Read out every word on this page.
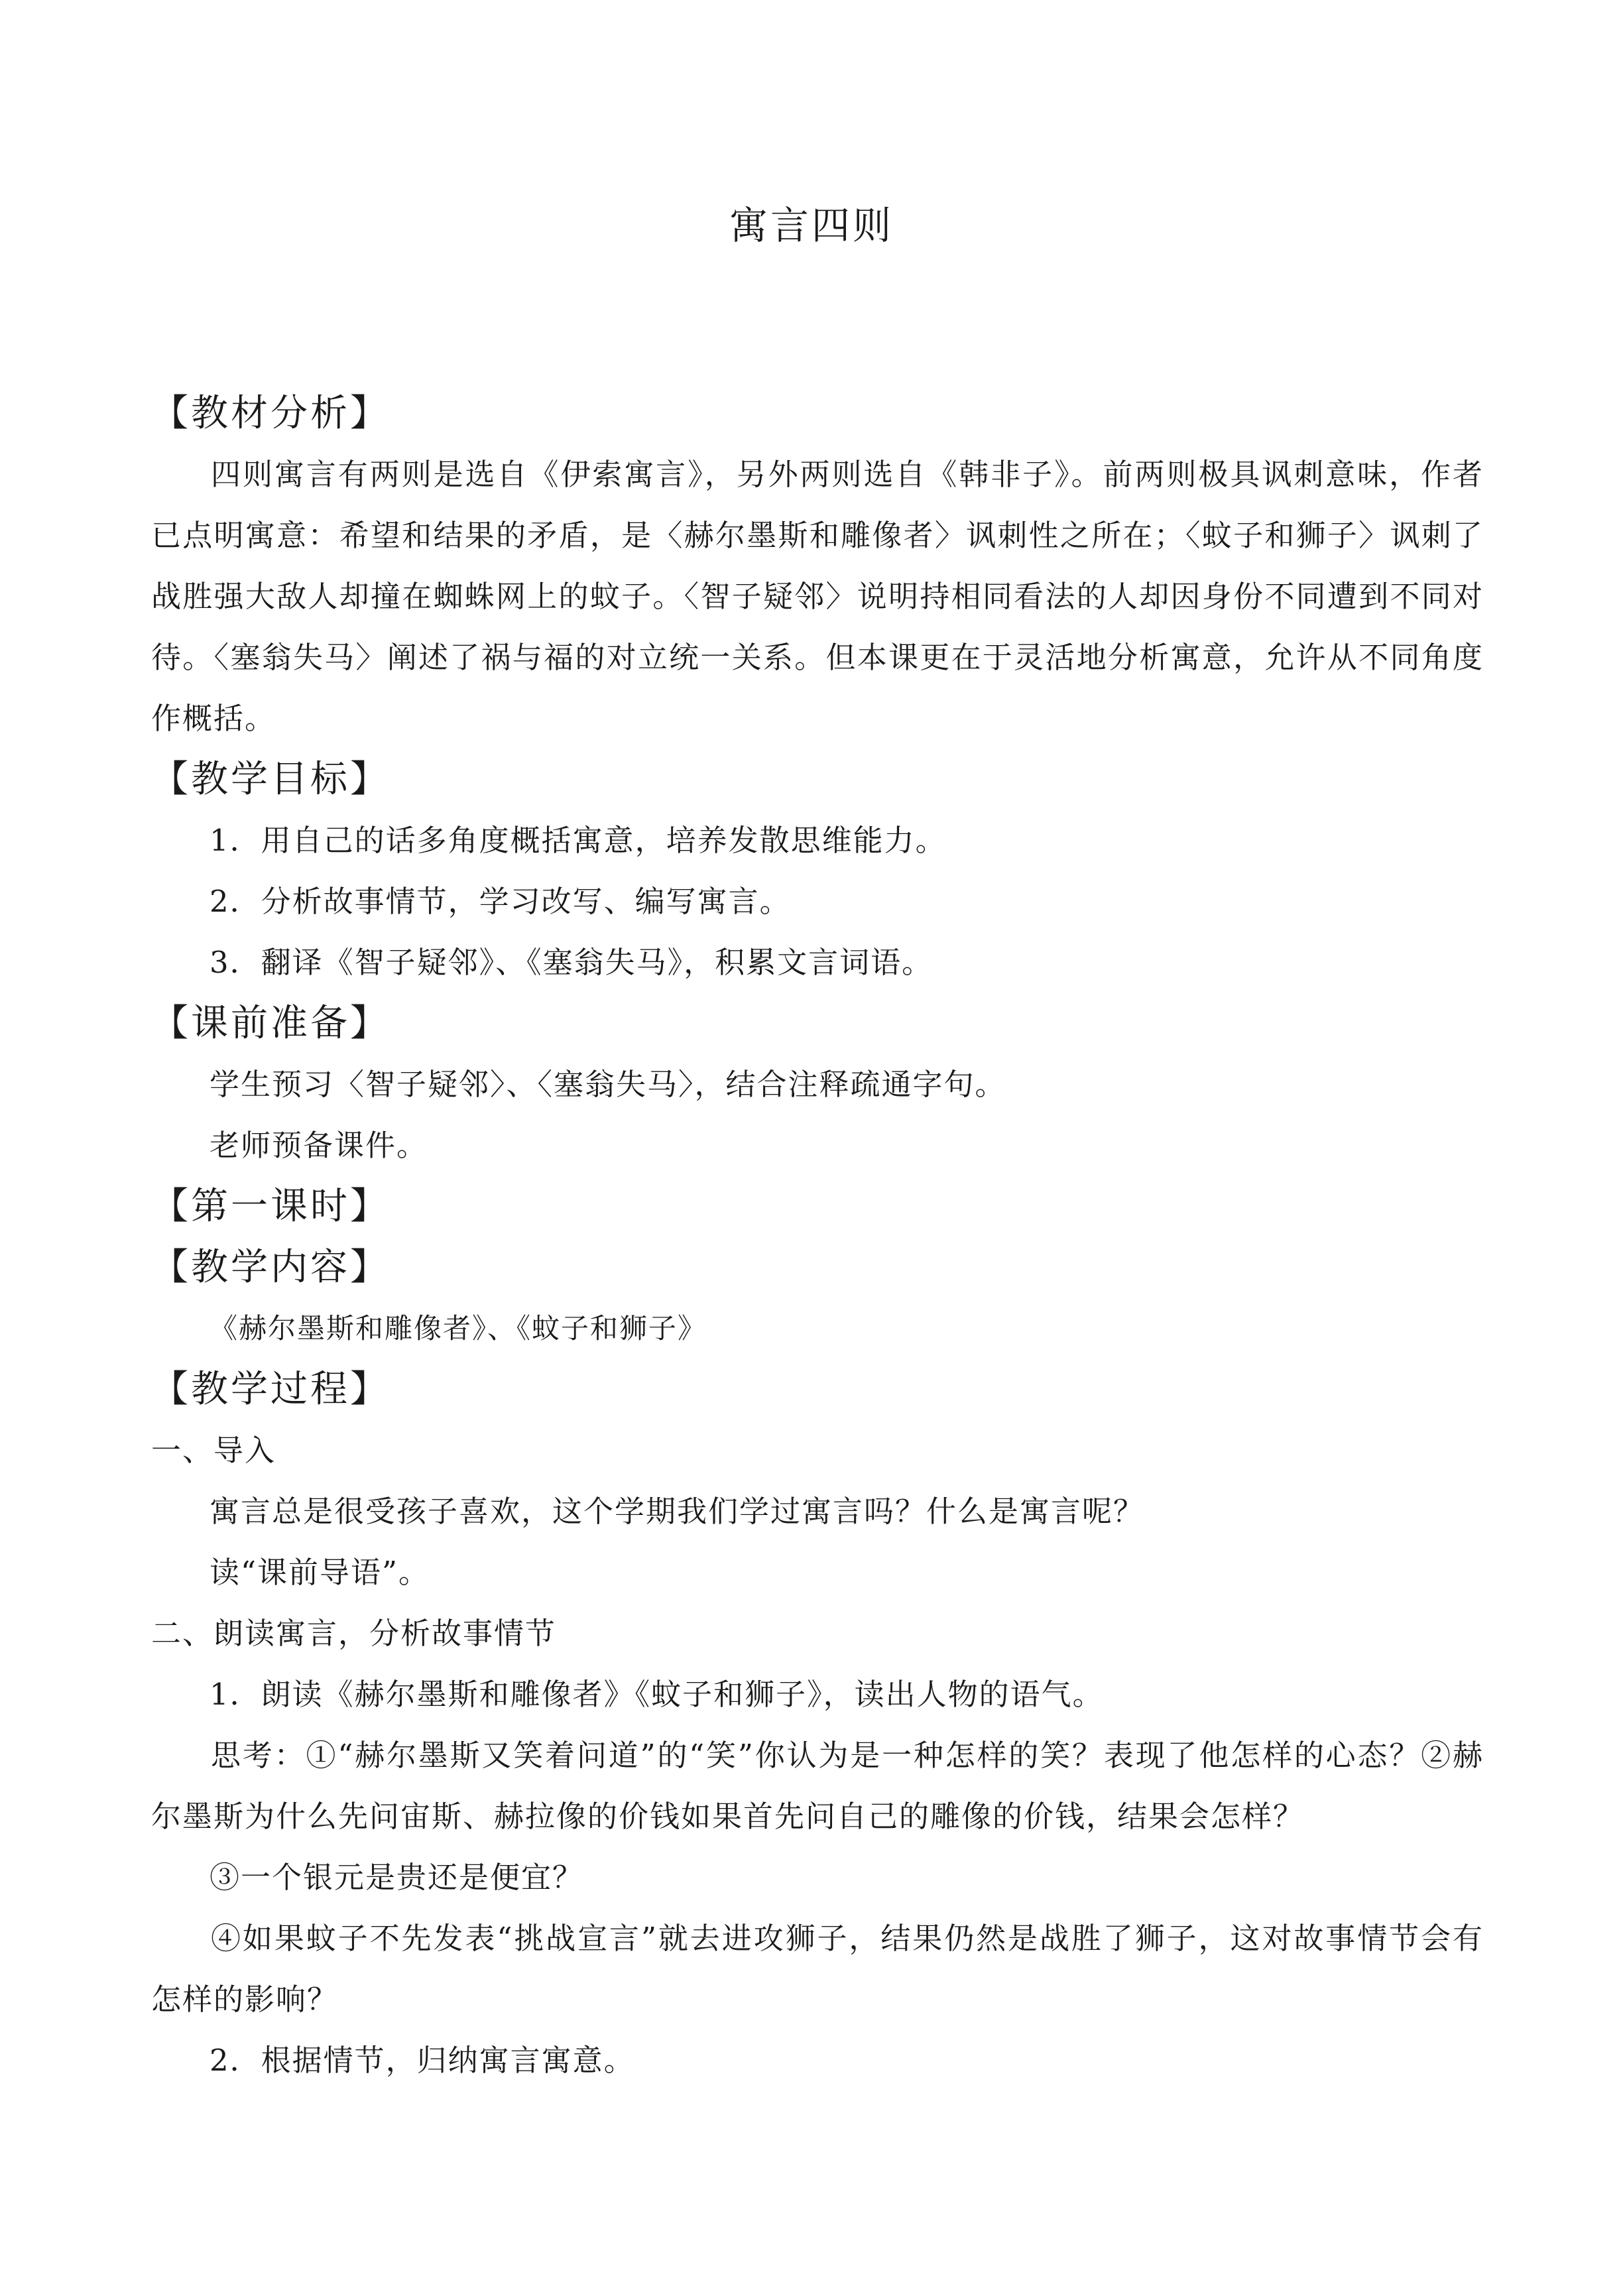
寓言四则
【教材分析】

四则寓言有两则是选自《伊索寓言》，另外两则选自《韩非子》。前两则极具讽刺意味，作者已点明寓意：希望和结果的矛盾，是〈赫尔墨斯和雕像者〉讽刺性之所在；〈蚊子和狮子〉讽刺了战胜强大敌人却撞在蜘蛛网上的蚊子。〈智子疑邻〉说明持相同看法的人却因身份不同遭到不同对待。〈塞翁失马〉阐述了祸与福的对立统一关系。但本课更在于灵活地分析寓意，允许从不同角度作概括。

【教学目标】

1．用自己的话多角度概括寓意，培养发散思维能力。

2．分析故事情节，学习改写、编写寓言。

3．翻译《智子疑邻》、《塞翁失马》，积累文言词语。

【课前准备】

学生预习〈智子疑邻〉、〈塞翁失马〉，结合注释疏通字句。

老师预备课件。

【第一课时】
【教学内容】

《赫尔墨斯和雕像者》、《蚊子和狮子》

【教学过程】

一、导入

寓言总是很受孩子喜欢，这个学期我们学过寓言吗？什么是寓言呢？

读“课前导语”。

二、朗读寓言，分析故事情节

1．朗读《赫尔墨斯和雕像者》《蚊子和狮子》，读出人物的语气。

思考：①“赫尔墨斯又笑着问道”的“笑”你认为是一种怎样的笑？表现了他怎样的心态？②赫尔墨斯为什么先问宙斯、赫拉像的价钱如果首先问自己的雕像的价钱，结果会怎样？

③一个银元是贵还是便宜？

④如果蚊子不先发表“挑战宣言”就去进攻狮子，结果仍然是战胜了狮子，这对故事情节会有怎样的影响？

2．根据情节，归纳寓言寓意。
